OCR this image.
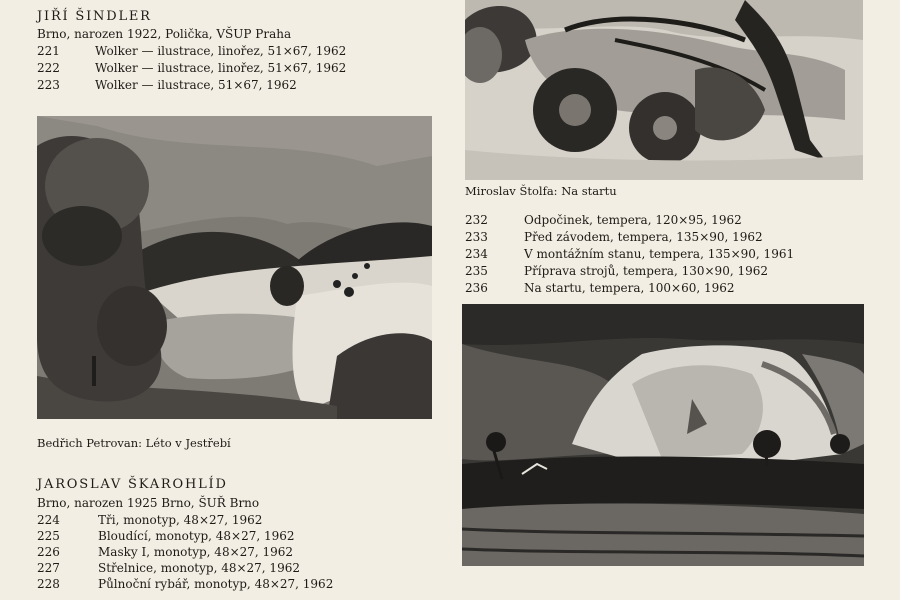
JIŘÍ ŠINDLER
Brno, narozen 1922, Polička, VŠUP Praha
221	Wolker — ilustrace, linořez, 51×67, 1962
222	Wolker — ilustrace, linořez, 51×67, 1962
223	Wolker — ilustrace, 51×67, 1962
Bedřich Petrovan: Léto v Jestřebí
JAROSLAV ŠKAROHLÍD
Brno, narozen 1925 Brno, ŠUŘ Brno
224	Tři, monotyp, 48×27, 1962
225	Bloudící, monotyp, 48×27, 1962
226	Masky I, monotyp, 48×27, 1962
227	Střelnice, monotyp, 48×27, 1962
228	Půlnoční rybář, monotyp, 48×27, 1962
Miroslav Štolfa: Na startu
232	Odpočinek, tempera, 120×95, 1962
233	Před závodem, tempera, 135×90, 1962
234	V montážním stanu, tempera, 135×90, 1961
235	Příprava strojů, tempera, 130×90, 1962
236	Na startu, tempera, 100×60, 1962
